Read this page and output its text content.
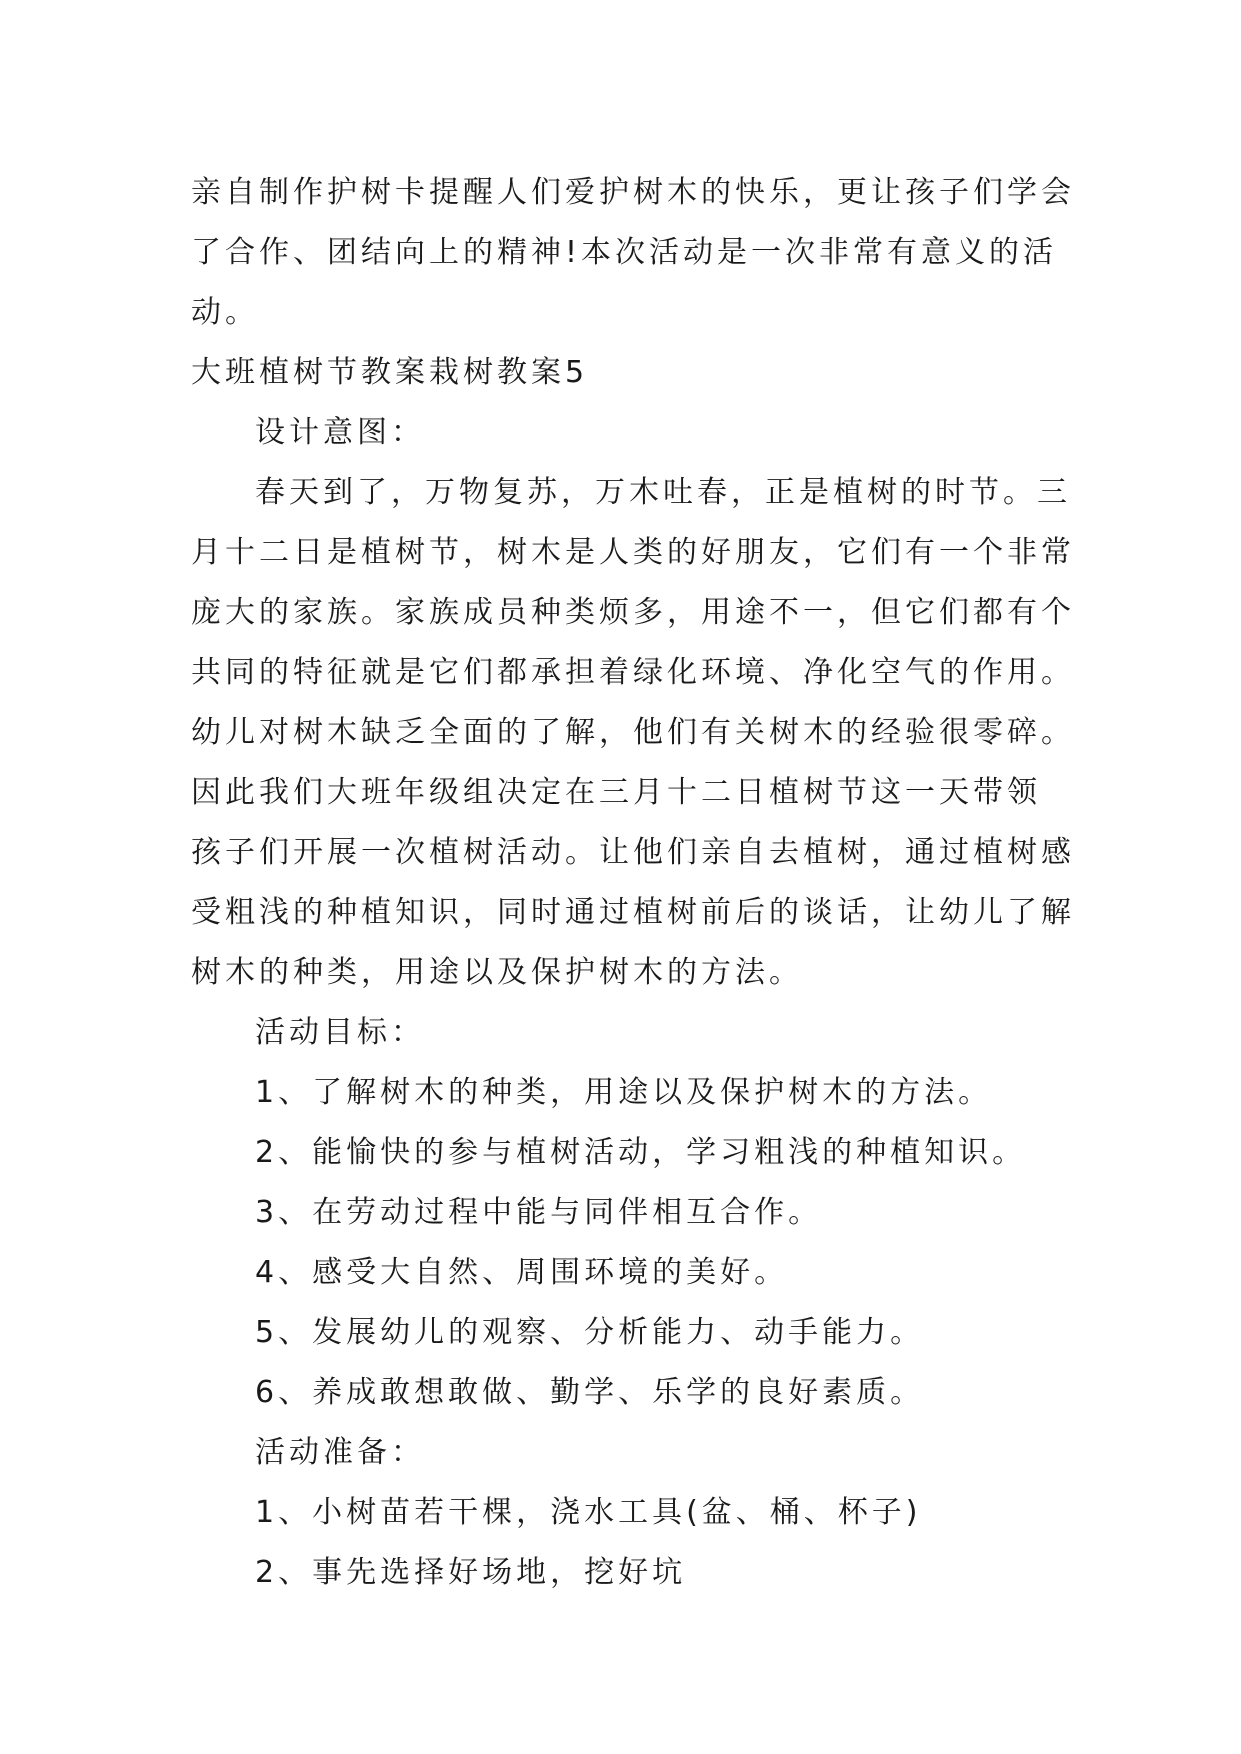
亲自制作护树卡提醒人们爱护树木的快乐，更让孩子们学会

了合作、团结向上的精神!本次活动是一次非常有意义的活

动。

大班植树节教案栽树教案5

设计意图：

春天到了，万物复苏，万木吐春，正是植树的时节。三

月十二日是植树节，树木是人类的好朋友，它们有一个非常

庞大的家族。家族成员种类烦多，用途不一，但它们都有个

共同的特征就是它们都承担着绿化环境、净化空气的作用。

幼儿对树木缺乏全面的了解，他们有关树木的经验很零碎。

因此我们大班年级组决定在三月十二日植树节这一天带领

孩子们开展一次植树活动。让他们亲自去植树，通过植树感

受粗浅的种植知识，同时通过植树前后的谈话，让幼儿了解

树木的种类，用途以及保护树木的方法。

活动目标：

1、了解树木的种类，用途以及保护树木的方法。

2、能愉快的参与植树活动，学习粗浅的种植知识。

3、在劳动过程中能与同伴相互合作。

4、感受大自然、周围环境的美好。

5、发展幼儿的观察、分析能力、动手能力。

6、养成敢想敢做、勤学、乐学的良好素质。

活动准备：

1、小树苗若干棵，浇水工具(盆、桶、杯子)

2、事先选择好场地，挖好坑
